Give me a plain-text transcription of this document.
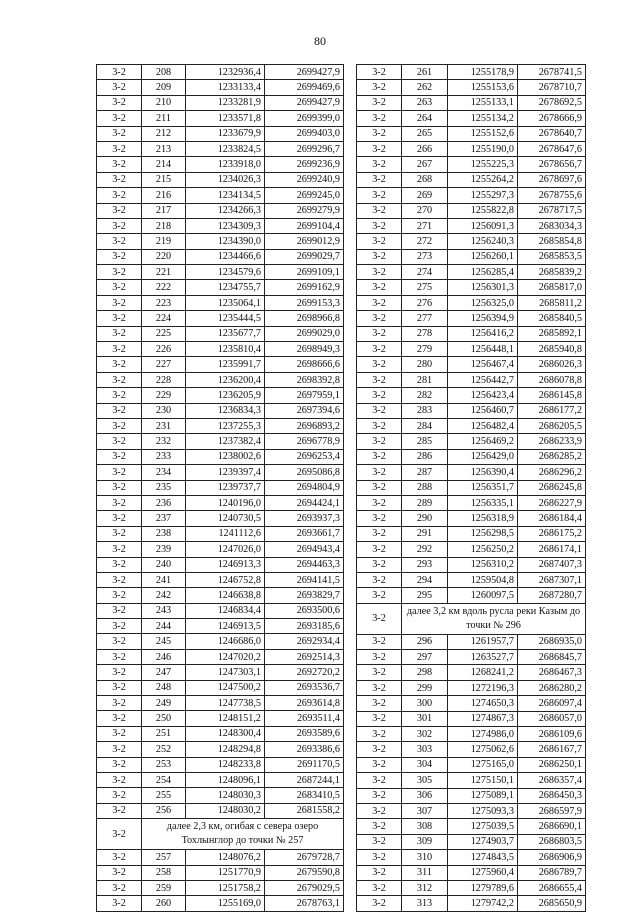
80
3-2	208	1232936,4	2699427,9
3-2	209	1233133,4	2699469,6
3-2	210	1233281,9	2699427,9
3-2	211	1233571,8	2699399,0
3-2	212	1233679,9	2699403,0
3-2	213	1233824,5	2699296,7
3-2	214	1233918,0	2699236,9
3-2	215	1234026,3	2699240,9
3-2	216	1234134,5	2699245,0
3-2	217	1234266,3	2699279,9
3-2	218	1234309,3	2699104,4
3-2	219	1234390,0	2699012,9
3-2	220	1234466,6	2699029,7
3-2	221	1234579,6	2699109,1
3-2	222	1234755,7	2699162,9
3-2	223	1235064,1	2699153,3
3-2	224	1235444,5	2698966,8
3-2	225	1235677,7	2699029,0
3-2	226	1235810,4	2698949,3
3-2	227	1235991,7	2698666,6
3-2	228	1236200,4	2698392,8
3-2	229	1236205,9	2697959,1
3-2	230	1236834,3	2697394,6
3-2	231	1237255,3	2696893,2
3-2	232	1237382,4	2696778,9
3-2	233	1238002,6	2696253,4
3-2	234	1239397,4	2695086,8
3-2	235	1239737,7	2694804,9
3-2	236	1240196,0	2694424,1
3-2	237	1240730,5	2693937,3
3-2	238	1241112,6	2693661,7
3-2	239	1247026,0	2694943,4
3-2	240	1246913,3	2694463,3
3-2	241	1246752,8	2694141,5
3-2	242	1246638,8	2693829,7
3-2	243	1246834,4	2693500,6
3-2	244	1246913,5	2693185,6
3-2	245	1246686,0	2692934,4
3-2	246	1247020,2	2692514,3
3-2	247	1247303,1	2692720,2
3-2	248	1247500,2	2693536,7
3-2	249	1247738,5	2693614,8
3-2	250	1248151,2	2693511,4
3-2	251	1248300,4	2693589,6
3-2	252	1248294,8	2693386,6
3-2	253	1248233,8	2691170,5
3-2	254	1248096,1	2687244,1
3-2	255	1248030,3	2683410,5
3-2	256	1248030,2	2681558,2
3-2	далее 2,3 км, огибая с севера озеро Тохлынглор до точки № 257		
3-2	257	1248076,2	2679728,7
3-2	258	1251770,9	2679590,8
3-2	259	1251758,2	2679029,5
3-2	260	1255169,0	2678763,1
3-2	261	1255178,9	2678741,5
3-2	262	1255153,6	2678710,7
3-2	263	1255133,1	2678692,5
3-2	264	1255134,2	2678666,9
3-2	265	1255152,6	2678640,7
3-2	266	1255190,0	2678647,6
3-2	267	1255225,3	2678656,7
3-2	268	1255264,2	2678697,6
3-2	269	1255297,3	2678755,6
3-2	270	1255822,8	2678717,5
3-2	271	1256091,3	2683034,3
3-2	272	1256240,3	2685854,8
3-2	273	1256260,1	2685853,5
3-2	274	1256285,4	2685839,2
3-2	275	1256301,3	2685817,0
3-2	276	1256325,0	2685811,2
3-2	277	1256394,9	2685840,5
3-2	278	1256416,2	2685892,1
3-2	279	1256448,1	2685940,8
3-2	280	1256467,4	2686026,3
3-2	281	1256442,7	2686078,8
3-2	282	1256423,4	2686145,8
3-2	283	1256460,7	2686177,2
3-2	284	1256482,4	2686205,5
3-2	285	1256469,2	2686233,9
3-2	286	1256429,0	2686285,2
3-2	287	1256390,4	2686296,2
3-2	288	1256351,7	2686245,8
3-2	289	1256335,1	2686227,9
3-2	290	1256318,9	2686184,4
3-2	291	1256298,5	2686175,2
3-2	292	1256250,2	2686174,1
3-2	293	1256310,2	2687407,3
3-2	294	1259504,8	2687307,1
3-2	295	1260097,5	2687280,7
3-2	далее 3,2 км вдоль русла реки Казым до точки № 296		
3-2	296	1261957,7	2686935,0
3-2	297	1263527,7	2686845,7
3-2	298	1268241,2	2686467,3
3-2	299	1272196,3	2686280,2
3-2	300	1274650,3	2686097,4
3-2	301	1274867,3	2686057,0
3-2	302	1274986,0	2686109,6
3-2	303	1275062,6	2686167,7
3-2	304	1275165,0	2686250,1
3-2	305	1275150,1	2686357,4
3-2	306	1275089,1	2686450,3
3-2	307	1275093,3	2686597,9
3-2	308	1275039,5	2686690,1
3-2	309	1274903,7	2686803,5
3-2	310	1274843,5	2686906,9
3-2	311	1275960,4	2686789,7
3-2	312	1279789,6	2686655,4
3-2	313	1279742,2	2685650,9
